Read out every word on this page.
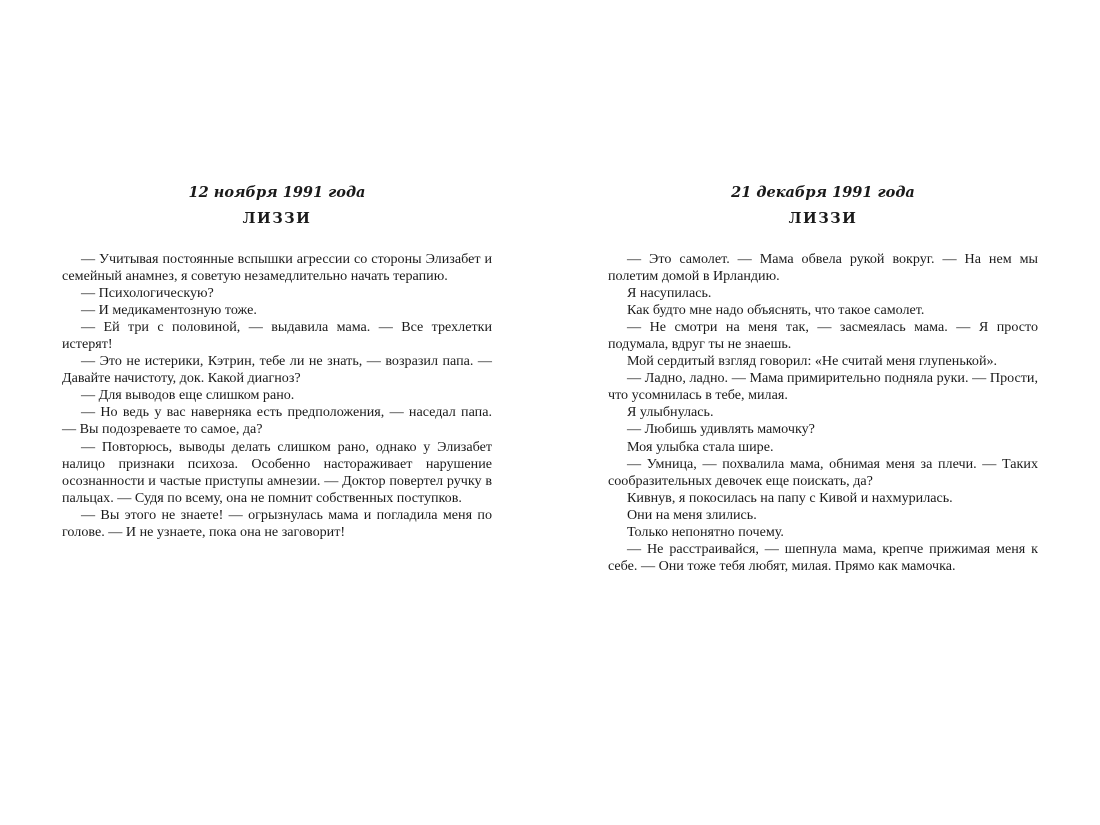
12 ноября 1991 года
ЛИЗЗИ

— Учитывая постоянные вспышки агрессии со стороны Элизабет и семейный анамнез, я советую незамедлительно начать терапию.

— Психологическую?

— И медикаментозную тоже.

— Ей три с половиной, — выдавила мама. — Все трехлетки истерят!

— Это не истерики, Кэтрин, тебе ли не знать, — возразил папа. — Давайте начистоту, док. Какой диагноз?

— Для выводов еще слишком рано.

— Но ведь у вас наверняка есть предположения, — наседал папа. — Вы подозреваете то самое, да?

— Повторюсь, выводы делать слишком рано, однако у Элизабет налицо признаки психоза. Особенно настораживает нарушение осознанности и частые приступы амнезии. — Доктор повертел ручку в пальцах. — Судя по всему, она не помнит собственных поступков.

— Вы этого не знаете! — огрызнулась мама и погладила меня по голове. — И не узнаете, пока она не заговорит!

21 декабря 1991 года
ЛИЗЗИ

— Это самолет. — Мама обвела рукой вокруг. — На нем мы полетим домой в Ирландию.

Я насупилась.

Как будто мне надо объяснять, что такое самолет.

— Не смотри на меня так, — засмеялась мама. — Я просто подумала, вдруг ты не знаешь.

Мой сердитый взгляд говорил: «Не считай меня глупенькой».

— Ладно, ладно. — Мама примирительно подняла руки. — Прости, что усомнилась в тебе, милая.

Я улыбнулась.

— Любишь удивлять мамочку?

Моя улыбка стала шире.

— Умница, — похвалила мама, обнимая меня за плечи. — Таких сообразительных девочек еще поискать, да?

Кивнув, я покосилась на папу с Кивой и нахмурилась.

Они на меня злились.

Только непонятно почему.

— Не расстраивайся, — шепнула мама, крепче прижимая меня к себе. — Они тоже тебя любят, милая. Прямо как мамочка.
